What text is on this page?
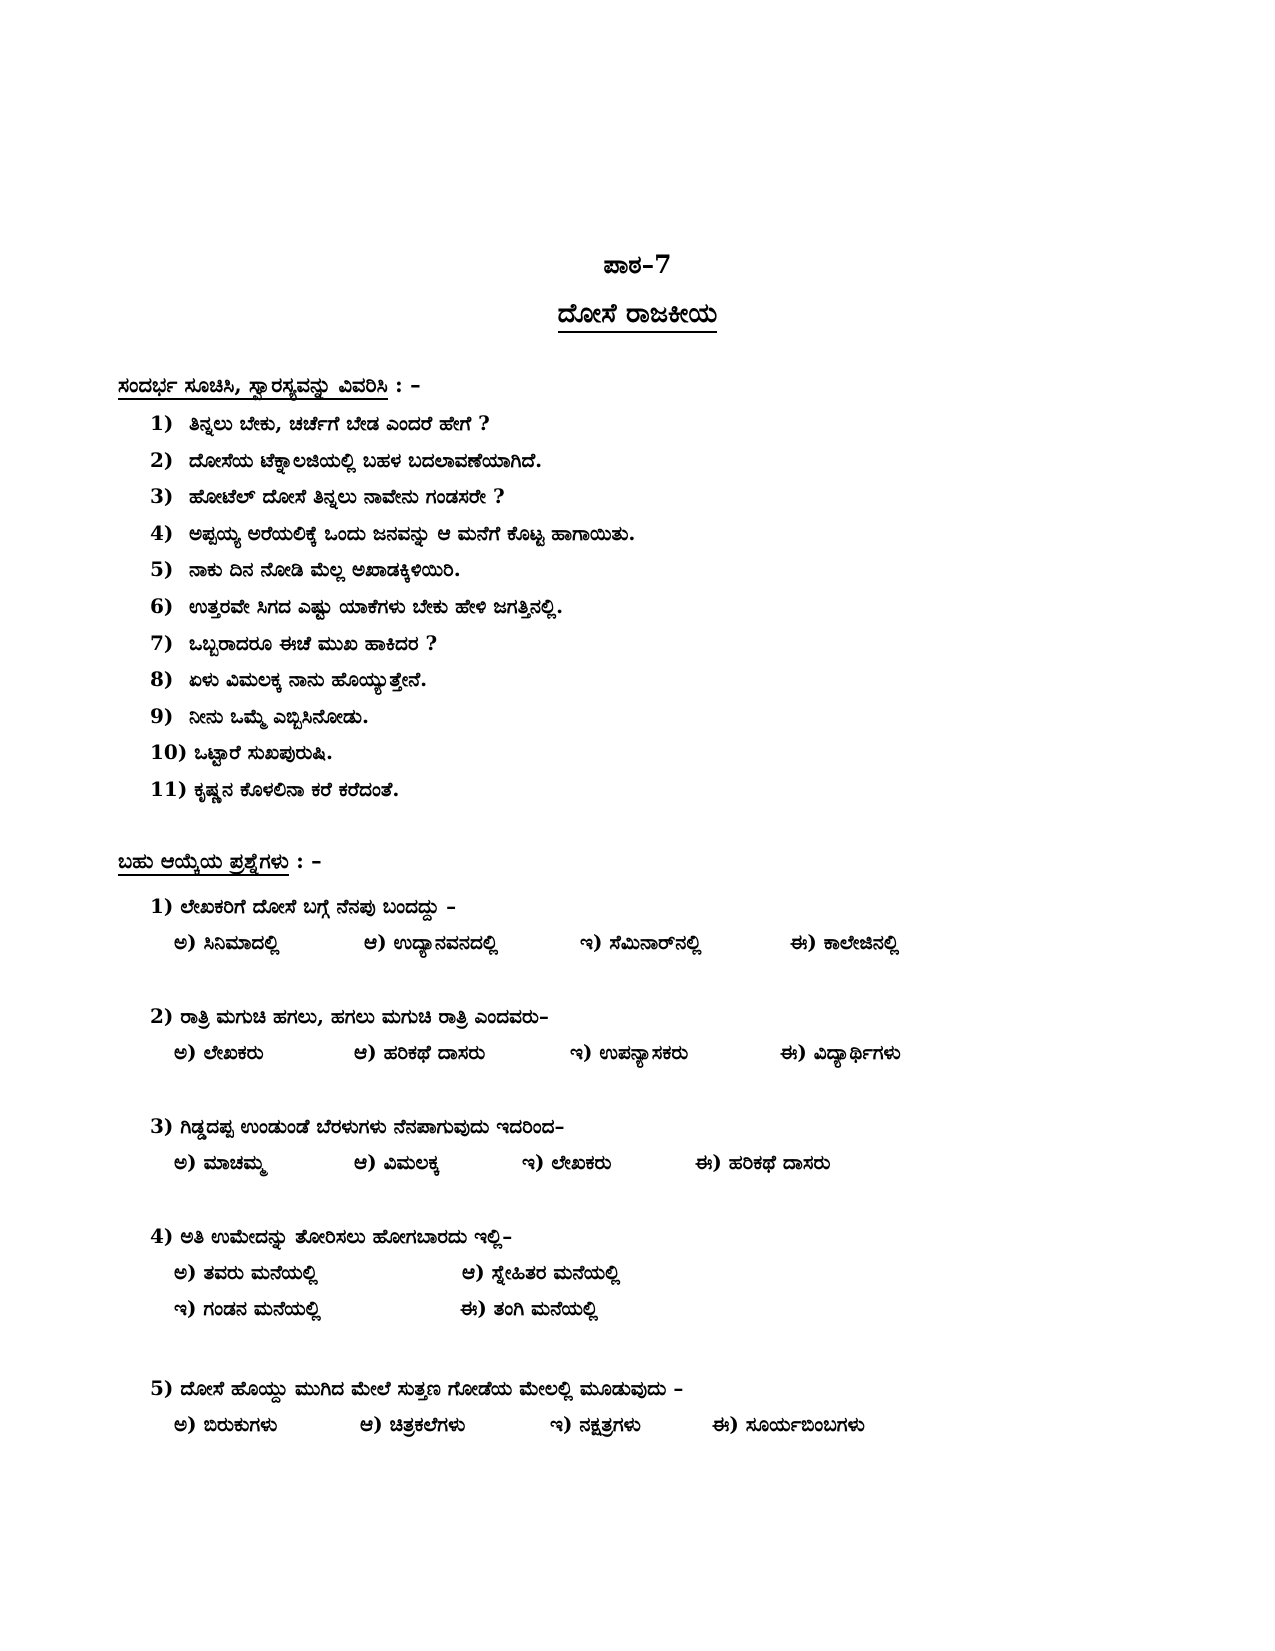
ಪಾಠ–7
ದೋಸೆ ರಾಜಕೀಯ
ಸಂದರ್ಭ ಸೂಚಿಸಿ, ಸ್ವಾರಸ್ಯವನ್ನು ವಿವರಿಸಿ : –
1) ತಿನ್ನಲು ಬೇಕು, ಚರ್ಚೆಗೆ ಬೇಡ ಎಂದರೆ ಹೇಗೆ ?
2) ದೋಸೆಯ ಟೆಕ್ನಾಲಜಿಯಲ್ಲಿ ಬಹಳ ಬದಲಾವಣೆಯಾಗಿದೆ.
3) ಹೋಟೆಲ್ ದೋಸೆ ತಿನ್ನಲು ನಾವೇನು ಗಂಡಸರೇ ?
4) ಅಪ್ಪಯ್ಯ ಅರೆಯಲಿಕ್ಕೆ ಒಂದು ಜನವನ್ನು ಆ ಮನೆಗೆ ಕೊಟ್ಟ ಹಾಗಾಯಿತು.
5) ನಾಕು ದಿನ ನೋಡಿ ಮೆಲ್ಲ ಅಖಾಡಕ್ಕಿಳಿಯಿರಿ.
6) ಉತ್ತರವೇ ಸಿಗದ ಎಷ್ಟು ಯಾಕೆಗಳು ಬೇಕು ಹೇಳಿ ಜಗತ್ತಿನಲ್ಲಿ.
7) ಒಬ್ಬರಾದರೂ ಈಚೆ ಮುಖ ಹಾಕಿದರ ?
8) ಏಳು ವಿಮಲಕ್ಕ ನಾನು ಹೊಯ್ಯುತ್ತೇನೆ.
9) ನೀನು ಒಮ್ಮೆ ಎಬ್ಬಿಸಿನೋಡು.
10) ಒಟ್ಟಾರೆ ಸುಖಪುರುಷಿ.
11) ಕೃಷ್ಣನ ಕೊಳಲಿನಾ ಕರೆ ಕರೆದಂತೆ.
ಬಹು ಆಯ್ಕೆಯ ಪ್ರಶ್ನೆಗಳು : –
1) ಲೇಖಕರಿಗೆ ದೋಸೆ ಬಗ್ಗೆ ನೆನಪು ಬಂದದ್ದು –
ಅ) ಸಿನಿಮಾದಲ್ಲಿ	ಆ) ಉದ್ಯಾನವನದಲ್ಲಿ	ಇ) ಸೆಮಿನಾರ್‌ನಲ್ಲಿ	ಈ) ಕಾಲೇಜಿನಲ್ಲಿ
2) ರಾತ್ರಿ ಮಗುಚಿ ಹಗಲು, ಹಗಲು ಮಗುಚಿ ರಾತ್ರಿ ಎಂದವರು–
ಅ) ಲೇಖಕರು	ಆ) ಹರಿಕಥೆ ದಾಸರು	ಇ) ಉಪನ್ಯಾಸಕರು	ಈ) ವಿದ್ಯಾರ್ಥಿಗಳು
3) ಗಿಡ್ಡದಪ್ಪ ಉಂಡುಂಡೆ ಬೆರಳುಗಳು ನೆನಪಾಗುವುದು ಇದರಿಂದ–
ಅ) ಮಾಚಮ್ಮ	ಆ) ವಿಮಲಕ್ಕ	ಇ) ಲೇಖಕರು	ಈ) ಹರಿಕಥೆ ದಾಸರು
4) ಅತಿ ಉಮೇದನ್ನು ತೋರಿಸಲು ಹೋಗಬಾರದು ಇಲ್ಲಿ–
ಅ) ತವರು ಮನೆಯಲ್ಲಿ	ಆ) ಸ್ನೇಹಿತರ ಮನೆಯಲ್ಲಿ
ಇ) ಗಂಡನ ಮನೆಯಲ್ಲಿ	ಈ) ತಂಗಿ ಮನೆಯಲ್ಲಿ
5) ದೋಸೆ ಹೊಯ್ದು ಮುಗಿದ ಮೇಲೆ ಸುತ್ತಣ ಗೋಡೆಯ ಮೇಲಲ್ಲಿ ಮೂಡುವುದು –
ಅ) ಬಿರುಕುಗಳು	ಆ) ಚಿತ್ರಕಲೆಗಳು	ಇ) ನಕ್ಷತ್ರಗಳು	ಈ) ಸೂರ್ಯಬಿಂಬಗಳು
